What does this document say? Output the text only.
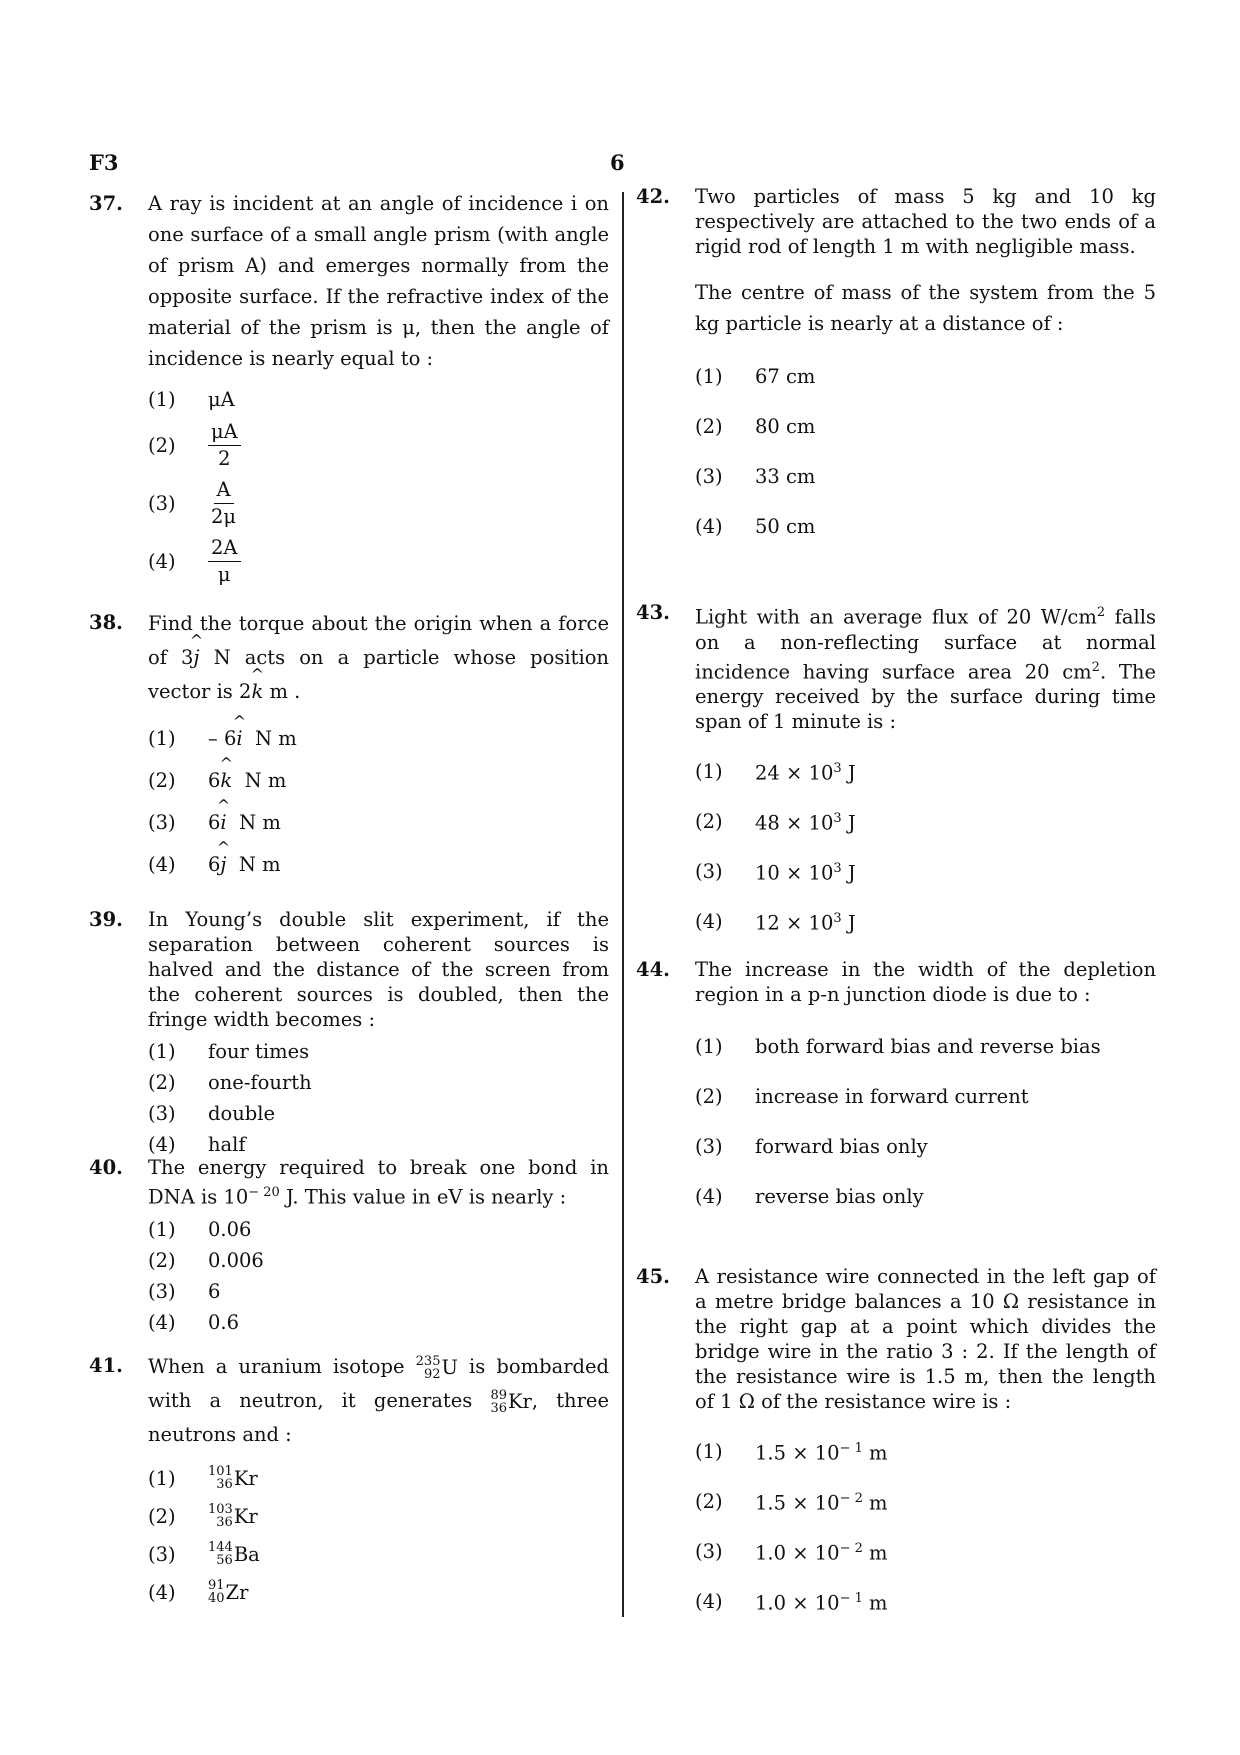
F3	6
37. A ray is incident at an angle of incidence i on one surface of a small angle prism (with angle of prism A) and emerges normally from the opposite surface. If the refractive index of the material of the prism is μ, then the angle of incidence is nearly equal to :
(1)	μA
(2)	$\frac{\mu A}{2}$
(3)	$\frac{A}{2\mu}$
(4)	$\frac{2A}{\mu}$
38. Find the torque about the origin when a force of 3^ j N acts on a particle whose position vector is 2^ k m .
(1)	– 6^ i N m
(2)	6^ k N m
(3)	6^ i N m
(4)	6^ j N m
39. In Young’s double slit experiment, if the separation between coherent sources is halved and the distance of the screen from the coherent sources is doubled, then the fringe width becomes :
(1)	four times
(2)	one-fourth
(3)	double
(4)	half
40. The energy required to break one bond in DNA is $10^{- 20}$ J. This value in eV is nearly :
(1)	0.06
(2)	0.006
(3)	6
(4)	0.6
41. When a uranium isotope 235
92 U is bombarded with a neutron, it generates 89
36 Kr , three neutrons and :
(1)	101
36 Kr
(2)	103
36 Kr
(3)	144
56 Ba
(4)	91
40 Zr
42. Two particles of mass 5 kg and 10 kg respectively are attached to the two ends of a rigid rod of length 1 m with negligible mass.

The centre of mass of the system from the 5 kg particle is nearly at a distance of :

(1)	67 cm
(2)	80 cm
(3)	33 cm
(4)	50 cm
43. Light with an average flux of 20 $W/cm^2$ falls on a non-reflecting surface at normal incidence having surface area 20 $cm^2$. The energy received by the surface during time span of 1 minute is :
(1)	$24 \times 10^3$ J
(2)	$48 \times 10^3$ J
(3)	$10 \times 10^3$ J
(4)	$12 \times 10^3$ J
44. The increase in the width of the depletion region in a p-n junction diode is due to :
(1)	both forward bias and reverse bias
(2)	increase in forward current
(3)	forward bias only
(4)	reverse bias only
45. A resistance wire connected in the left gap of a metre bridge balances a 10 Ω resistance in the right gap at a point which divides the bridge wire in the ratio 3 : 2. If the length of the resistance wire is 1.5 m, then the length of 1 Ω of the resistance wire is :
(1)	$1.5 \times 10^{- 1}$ m
(2)	$1.5 \times 10^{- 2}$ m
(3)	$1.0 \times 10^{- 2}$ m
(4)	$1.0 \times 10^{- 1}$ m
